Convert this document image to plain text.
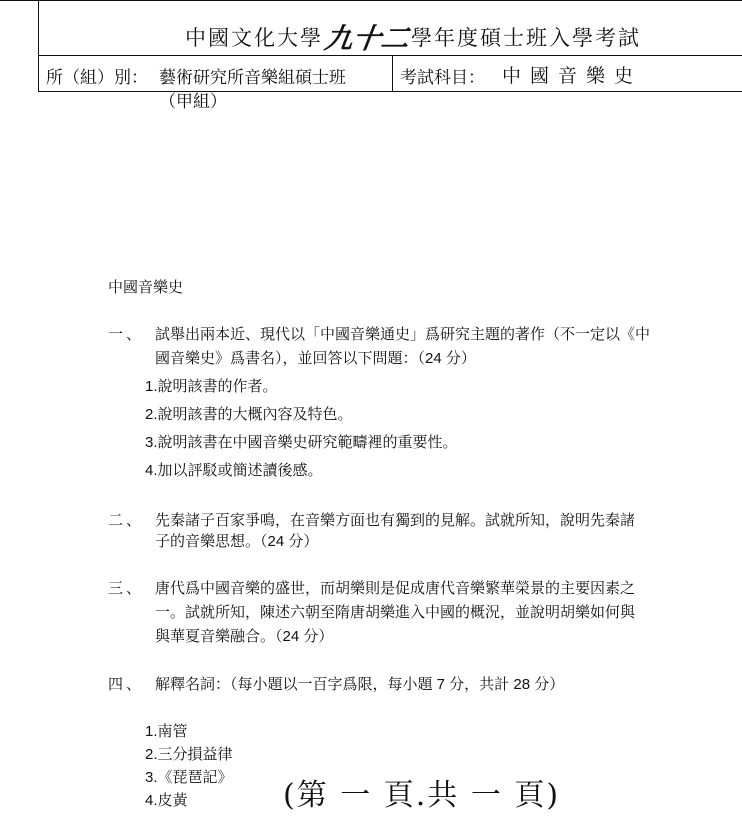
中國文化大學九十二學年度碩士班入學考試
所（組）別： 藝術研究所音樂組碩士班
（甲組）
考試科目： 中國音樂史
中國音樂史
一、 試舉出兩本近、現代以「中國音樂通史」爲研究主題的著作（不一定以《中
國音樂史》爲書名），並回答以下問題：（24 分）
1.說明該書的作者。
2.說明該書的大概內容及特色。
3.說明該書在中國音樂史研究範疇裡的重要性。
4.加以評駁或簡述讀後感。
二、 先秦諸子百家爭鳴，在音樂方面也有獨到的見解。試就所知，說明先秦諸
子的音樂思想。（24 分）
三、 唐代爲中國音樂的盛世，而胡樂則是促成唐代音樂繁華榮景的主要因素之
一。試就所知，陳述六朝至隋唐胡樂進入中國的概況，並說明胡樂如何與
與華夏音樂融合。（24 分）
四、 解釋名詞：（每小題以一百字爲限，每小題 7 分，共計 28 分）
1.南管
2.三分損益律
3.《琵琶記》
4.皮黃	(第 一 頁.共 一 頁)
